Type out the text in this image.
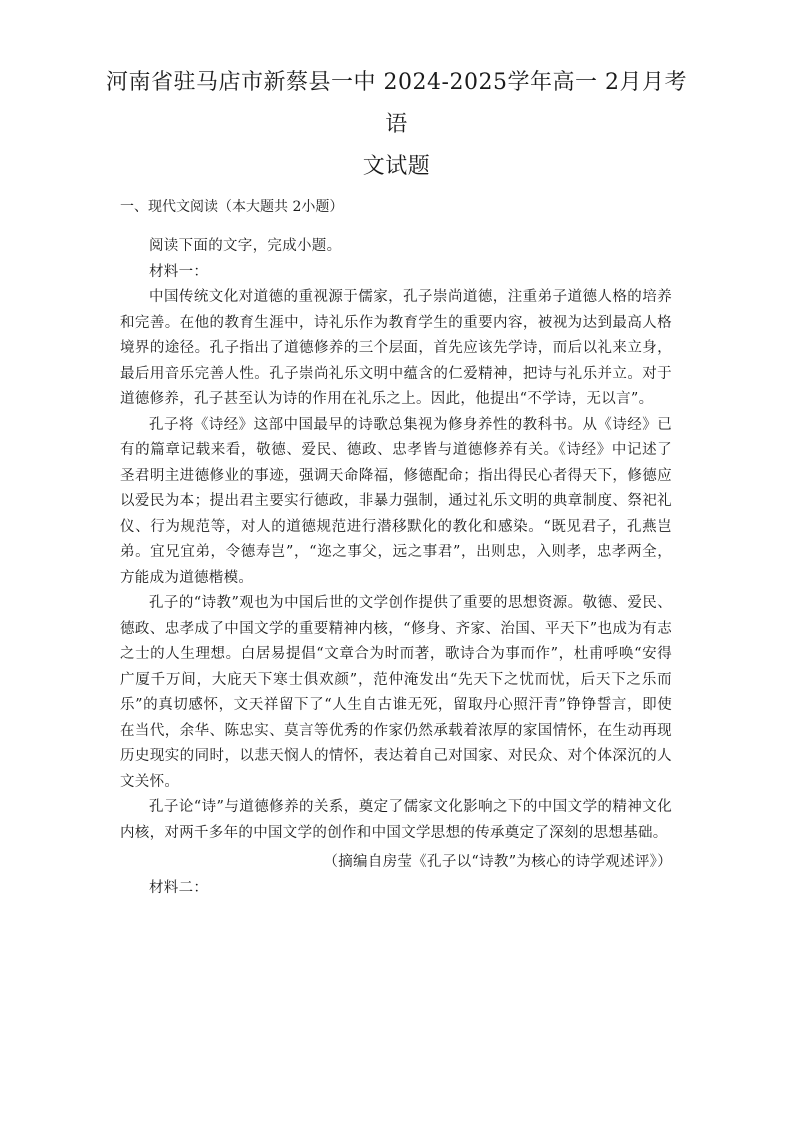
河南省驻马店市新蔡县一中 2024-2025学年高一 2月月考语
文试题
一、现代文阅读（本大题共 2小题）

阅读下面的文字，完成小题。

材料一：

中国传统文化对道德的重视源于儒家，孔子崇尚道德，注重弟子道德人格的培养和完善。在他的教育生涯中，诗礼乐作为教育学生的重要内容，被视为达到最高人格境界的途径。孔子指出了道德修养的三个层面，首先应该先学诗，而后以礼来立身，最后用音乐完善人性。孔子崇尚礼乐文明中蕴含的仁爱精神，把诗与礼乐并立。对于道德修养，孔子甚至认为诗的作用在礼乐之上。因此，他提出“不学诗，无以言”。

孔子将《诗经》这部中国最早的诗歌总集视为修身养性的教科书。从《诗经》已有的篇章记载来看，敬德、爱民、德政、忠孝皆与道德修养有关。《诗经》中记述了圣君明主进德修业的事迹，强调天命降福，修德配命；指出得民心者得天下，修德应以爱民为本；提出君主要实行德政，非暴力强制，通过礼乐文明的典章制度、祭祀礼仪、行为规范等，对人的道德规范进行潜移默化的教化和感染。“既见君子，孔燕岂弟。宜兄宜弟，令德寿岂”，“迩之事父，远之事君”，出则忠，入则孝，忠孝两全，方能成为道德楷模。

孔子的“诗教”观也为中国后世的文学创作提供了重要的思想资源。敬德、爱民、德政、忠孝成了中国文学的重要精神内核，“修身、齐家、治国、平天下”也成为有志之士的人生理想。白居易提倡“文章合为时而著，歌诗合为事而作”，杜甫呼唤“安得广厦千万间，大庇天下寒士俱欢颜”，范仲淹发出“先天下之忧而忧，后天下之乐而乐”的真切感怀，文天祥留下了“人生自古谁无死，留取丹心照汗青”铮铮誓言，即使在当代，余华、陈忠实、莫言等优秀的作家仍然承载着浓厚的家国情怀，在生动再现历史现实的同时，以悲天悯人的情怀，表达着自己对国家、对民众、对个体深沉的人文关怀。

孔子论“诗”与道德修养的关系，奠定了儒家文化影响之下的中国文学的精神文化内核，对两千多年的中国文学的创作和中国文学思想的传承奠定了深刻的思想基础。

（摘编自房莹《孔子以“诗教”为核心的诗学观述评》）

材料二：
